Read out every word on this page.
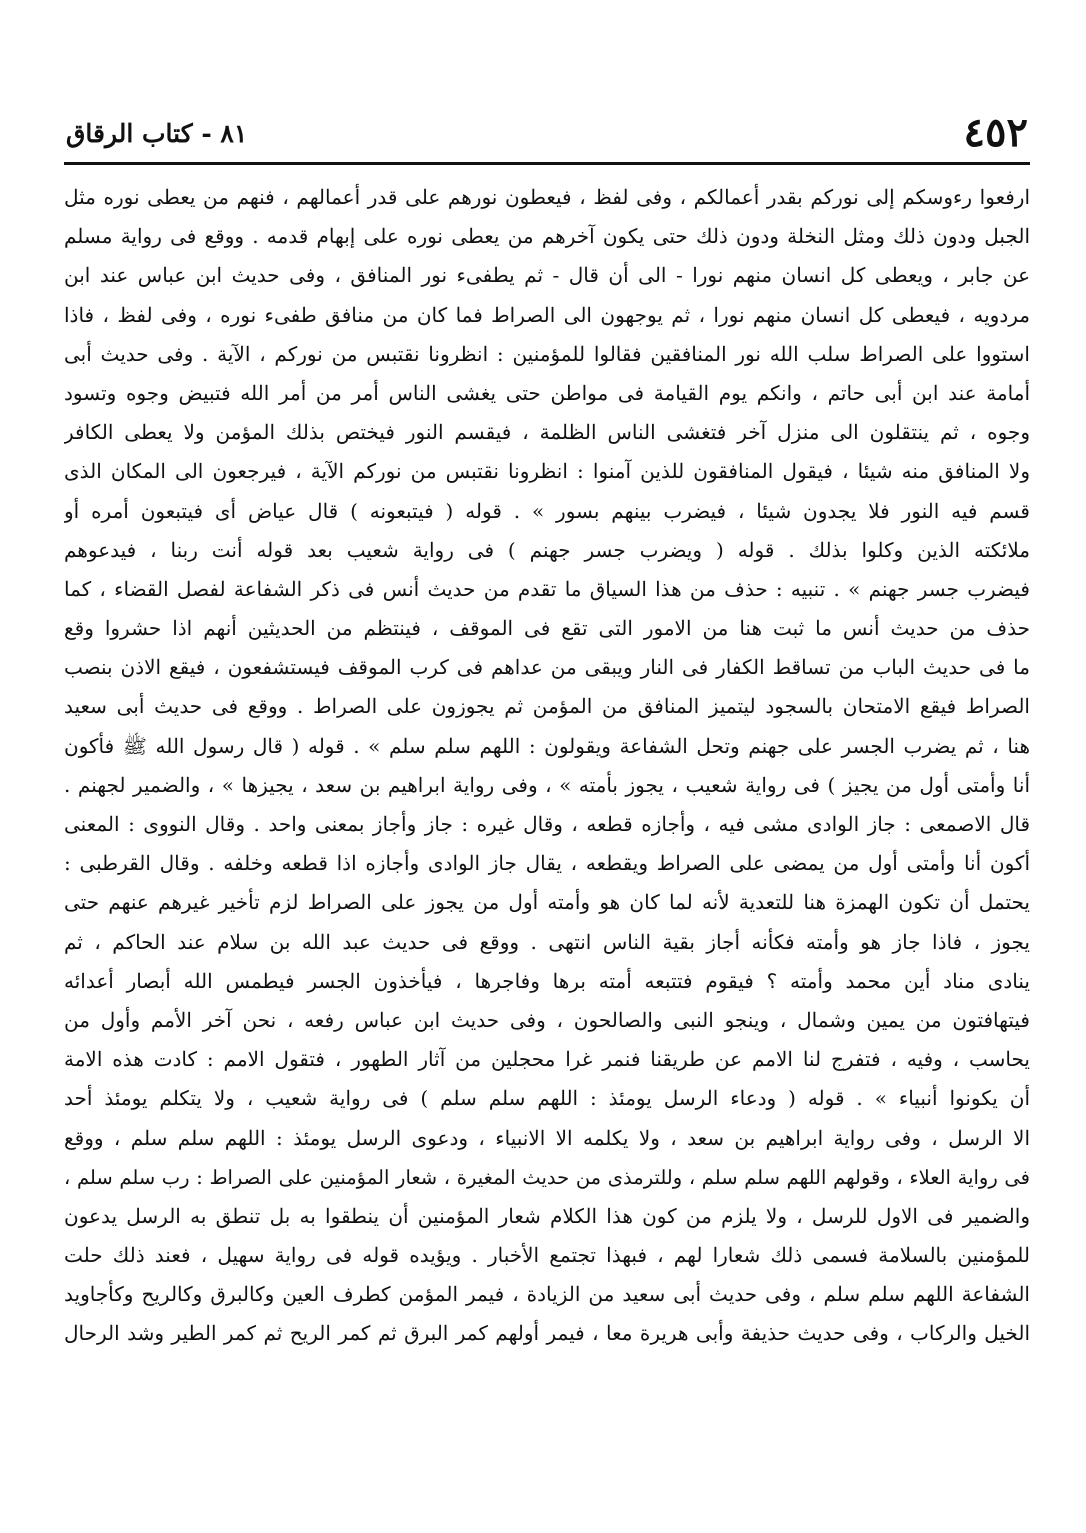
٤٥٢
٨١ - كتاب الرقاق
ارفعوا رءوسكم إلى نوركم بقدر أعمالكم ، وفى لفظ ، فيعطون نورهم على قدر أعمالهم ، فنهم من يعطى نوره مثل
الجبل ودون ذلك ومثل النخلة ودون ذلك حتى يكون آخرهم من يعطى نوره على إبهام قدمه . ووقع فى رواية مسلم
عن جابر ، ويعطى كل انسان منهم نورا - الى أن قال - ثم يطفىء نور المنافق ، وفى حديث ابن عباس عند ابن
مردويه ، فيعطى كل انسان منهم نورا ، ثم يوجهون الى الصراط فما كان من منافق طفىء نوره ، وفى لفظ ، فاذا
استووا على الصراط سلب الله نور المنافقين فقالوا للمؤمنين : انظرونا نقتبس من نوركم ، الآية . وفى حديث أبى
أمامة عند ابن أبى حاتم ، وانكم يوم القيامة فى مواطن حتى يغشى الناس أمر من أمر الله فتبيض وجوه وتسود
وجوه ، ثم ينتقلون الى منزل آخر فتغشى الناس الظلمة ، فيقسم النور فيختص بذلك المؤمن ولا يعطى الكافر
ولا المنافق منه شيئا ، فيقول المنافقون للذين آمنوا : انظرونا نقتبس من نوركم الآية ، فيرجعون الى المكان الذى
قسم فيه النور فلا يجدون شيئا ، فيضرب بينهم بسور » . قوله ( فيتبعونه ) قال عياض أى فيتبعون أمره أو
ملائكته الذين وكلوا بذلك . قوله ( ويضرب جسر جهنم ) فى رواية شعيب بعد قوله أنت ربنا ، فيدعوهم
فيضرب جسر جهنم » . تنبيه : حذف من هذا السياق ما تقدم من حديث أنس فى ذكر الشفاعة لفصل القضاء ، كما
حذف من حديث أنس ما ثبت هنا من الامور التى تقع فى الموقف ، فينتظم من الحديثين أنهم اذا حشروا وقع
ما فى حديث الباب من تساقط الكفار فى النار ويبقى من عداهم فى كرب الموقف فيستشفعون ، فيقع الاذن بنصب
الصراط فيقع الامتحان بالسجود ليتميز المنافق من المؤمن ثم يجوزون على الصراط . ووقع فى حديث أبى سعيد
هنا ، ثم يضرب الجسر على جهنم وتحل الشفاعة ويقولون : اللهم سلم سلم » . قوله ( قال رسول الله ﷺ فأكون
أنا وأمتى أول من يجيز ) فى رواية شعيب ، يجوز بأمته » ، وفى رواية ابراهيم بن سعد ، يجيزها » ، والضمير لجهنم .
قال الاصمعى : جاز الوادى مشى فيه ، وأجازه قطعه ، وقال غيره : جاز وأجاز بمعنى واحد . وقال النووى : المعنى
أكون أنا وأمتى أول من يمضى على الصراط ويقطعه ، يقال جاز الوادى وأجازه اذا قطعه وخلفه . وقال القرطبى :
يحتمل أن تكون الهمزة هنا للتعدية لأنه لما كان هو وأمته أول من يجوز على الصراط لزم تأخير غيرهم عنهم حتى
يجوز ، فاذا جاز هو وأمته فكأنه أجاز بقية الناس انتهى . ووقع فى حديث عبد الله بن سلام عند الحاكم ، ثم
ينادى مناد أين محمد وأمته ؟ فيقوم فتتبعه أمته برها وفاجرها ، فيأخذون الجسر فيطمس الله أبصار أعدائه
فيتهافتون من يمين وشمال ، وينجو النبى والصالحون ، وفى حديث ابن عباس رفعه ، نحن آخر الأمم وأول من
يحاسب ، وفيه ، فتفرج لنا الامم عن طريقنا فنمر غرا محجلين من آثار الطهور ، فتقول الامم : كادت هذه الامة
أن يكونوا أنبياء » . قوله ( ودعاء الرسل يومئذ : اللهم سلم سلم ) فى رواية شعيب ، ولا يتكلم يومئذ أحد
الا الرسل ، وفى رواية ابراهيم بن سعد ، ولا يكلمه الا الانبياء ، ودعوى الرسل يومئذ : اللهم سلم سلم ، ووقع
فى رواية العلاء ، وقولهم اللهم سلم سلم ، وللترمذى من حديث المغيرة ، شعار المؤمنين على الصراط : رب سلم سلم ،
والضمير فى الاول للرسل ، ولا يلزم من كون هذا الكلام شعار المؤمنين أن ينطقوا به بل تنطق به الرسل يدعون
للمؤمنين بالسلامة فسمى ذلك شعارا لهم ، فبهذا تجتمع الأخبار . ويؤيده قوله فى رواية سهيل ، فعند ذلك حلت
الشفاعة اللهم سلم سلم ، وفى حديث أبى سعيد من الزيادة ، فيمر المؤمن كطرف العين وكالبرق وكالريح وكأجاويد
الخيل والركاب ، وفى حديث حذيفة وأبى هريرة معا ، فيمر أولهم كمر البرق ثم كمر الريح ثم كمر الطير وشد الرحال
